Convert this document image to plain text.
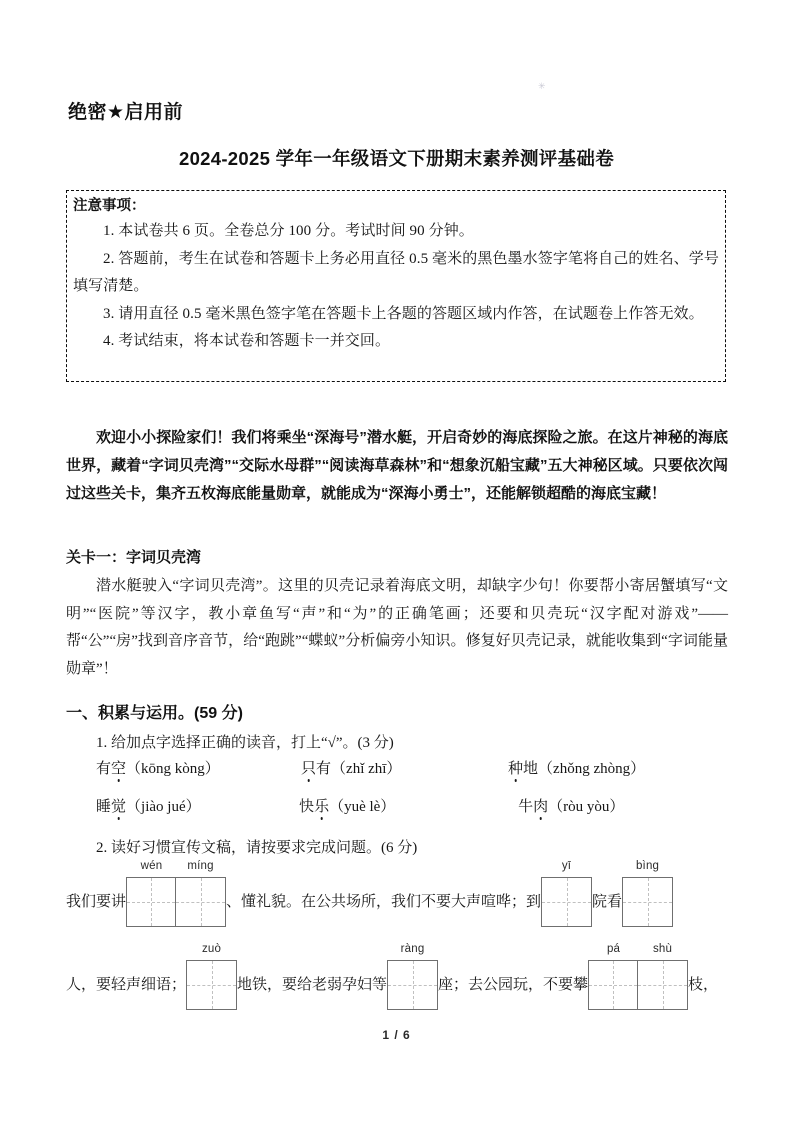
✳
绝密★启用前
2024-2025 学年一年级语文下册期末素养测评基础卷
注意事项：
1. 本试卷共 6 页。全卷总分 100 分。考试时间 90 分钟。
2. 答题前，考生在试卷和答题卡上务必用直径 0.5 毫米的黑色墨水签字笔将自己的姓名、学号填写清楚。
3. 请用直径 0.5 毫米黑色签字笔在答题卡上各题的答题区域内作答，在试题卷上作答无效。
4. 考试结束，将本试卷和答题卡一并交回。
欢迎小小探险家们！我们将乘坐“深海号”潜水艇，开启奇妙的海底探险之旅。在这片神秘的海底世界，藏着“字词贝壳湾”“交际水母群”“阅读海草森林”和“想象沉船宝藏”五大神秘区域。只要依次闯过这些关卡，集齐五枚海底能量勋章，就能成为“深海小勇士”，还能解锁超酷的海底宝藏！
关卡一：字词贝壳湾
潜水艇驶入“字词贝壳湾”。这里的贝壳记录着海底文明，却缺字少句！你要帮小寄居蟹填写“文明”“医院”等汉字，教小章鱼写“声”和“为”的正确笔画；还要和贝壳玩“汉字配对游戏”——帮“公”“房”找到音序音节，给“跑跳”“蝶蚁”分析偏旁小知识。修复好贝壳记录，就能收集到“字词能量勋章”！
一、积累与运用。(59 分)
1. 给加点字选择正确的读音，打上“√”。(3 分)
有空（kōng kòng）	只有（zhǐ zhī）	种地（zhǒng zhòng）
睡觉（jiào jué）	快乐（yuè lè）	牛肉（ròu yòu）
2. 读好习惯宣传文稿，请按要求完成问题。(6 分)
我们要讲
wén	míng
、懂礼貌。在公共场所，我们不要大声喧哗；到
yī
院看
bìng
人，要轻声细语；
zuò
地铁，要给老弱孕妇等
ràng
座；去公园玩，不要攀
pá	shù
枝，
1 / 6
